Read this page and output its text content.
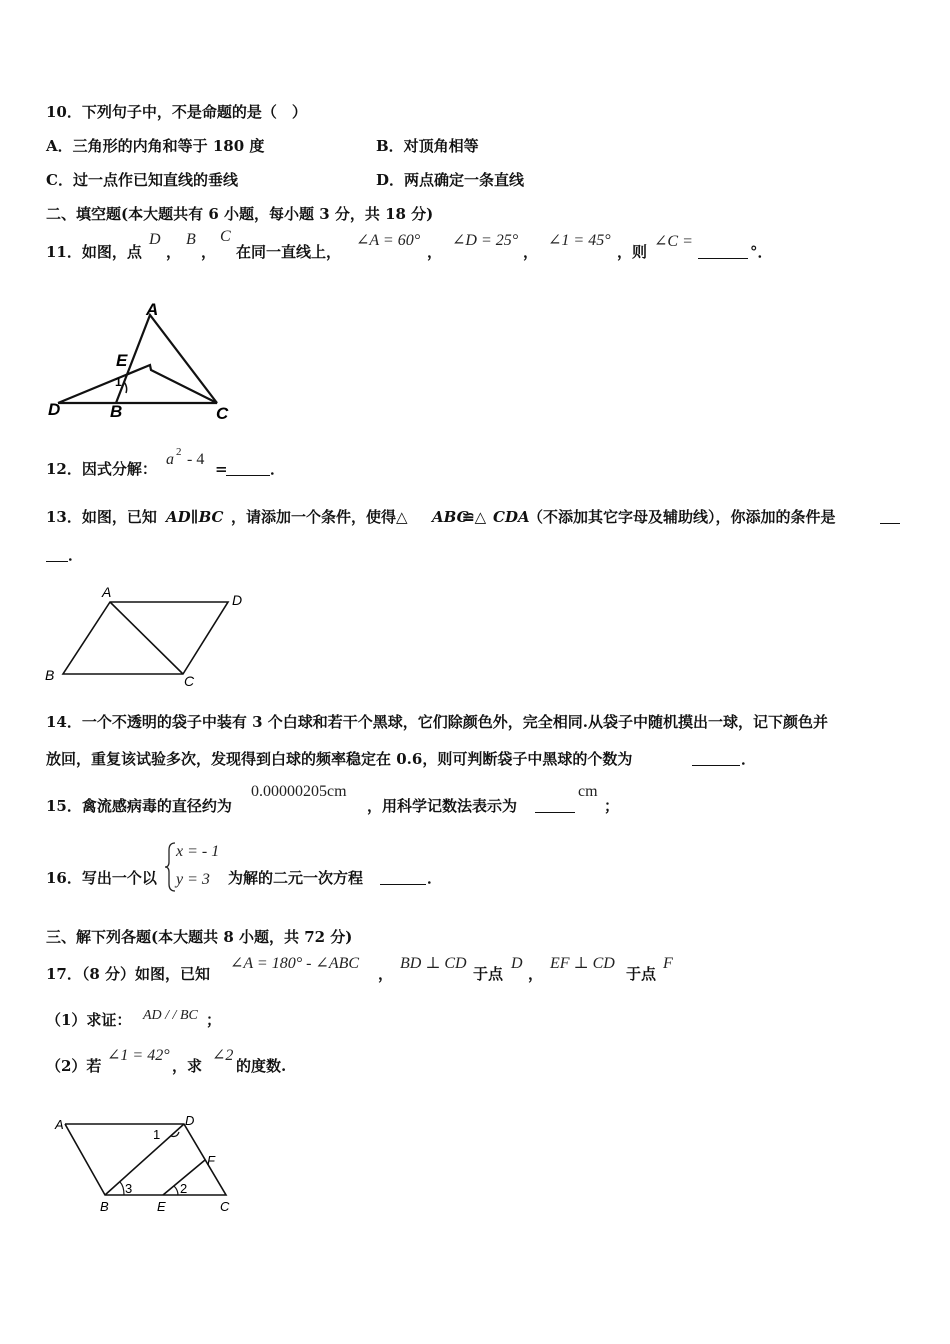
10．下列句子中，不是命题的是（　）
A．三角形的内角和等于 180 度	B．对顶角相等
C．过一点作已知直线的垂线	D．两点确定一条直线
二、填空题(本大题共有 6 小题，每小题 3 分，共 18 分)
11．如图，点
D
，
B
，
C
在同一直线上，
∠A = 60°
，
∠D = 25°
，
∠1 = 45°
，则
∠C =
°．
A
E
1
D	B	C
12．因式分解：
a 2 - 4
=	．
13．如图，已知 AD∥BC ，请添加一个条件，使得△ ABC
≌△ CDA
（不添加其它字母及辅助线），你添加的条件是
．
A	D
B	C
14．一个不透明的袋子中装有 3 个白球和若干个黑球，它们除颜色外，完全相同.从袋子中随机摸出一球，记下颜色并
放回，重复该试验多次，发现得到白球的频率稳定在 0.6，则可判断袋子中黑球的个数为	．
15．禽流感病毒的直径约为
0.00000205cm
，用科学记数法表示为
cm
；
16．写出一个以
x = - 1
y = 3 为解的二元一次方程	．
三、解下列各题(本大题共 8 小题，共 72 分)
17．（8 分）如图，已知
∠A = 180° - ∠ABC
，
BD ⊥ CD
于点
D
，
EF ⊥ CD
于点
F
（1）求证： AD / / BC ；
（2）若
∠1 = 42°
，求
∠2
的度数.
A	D
1
F
3	2
B	E	C
